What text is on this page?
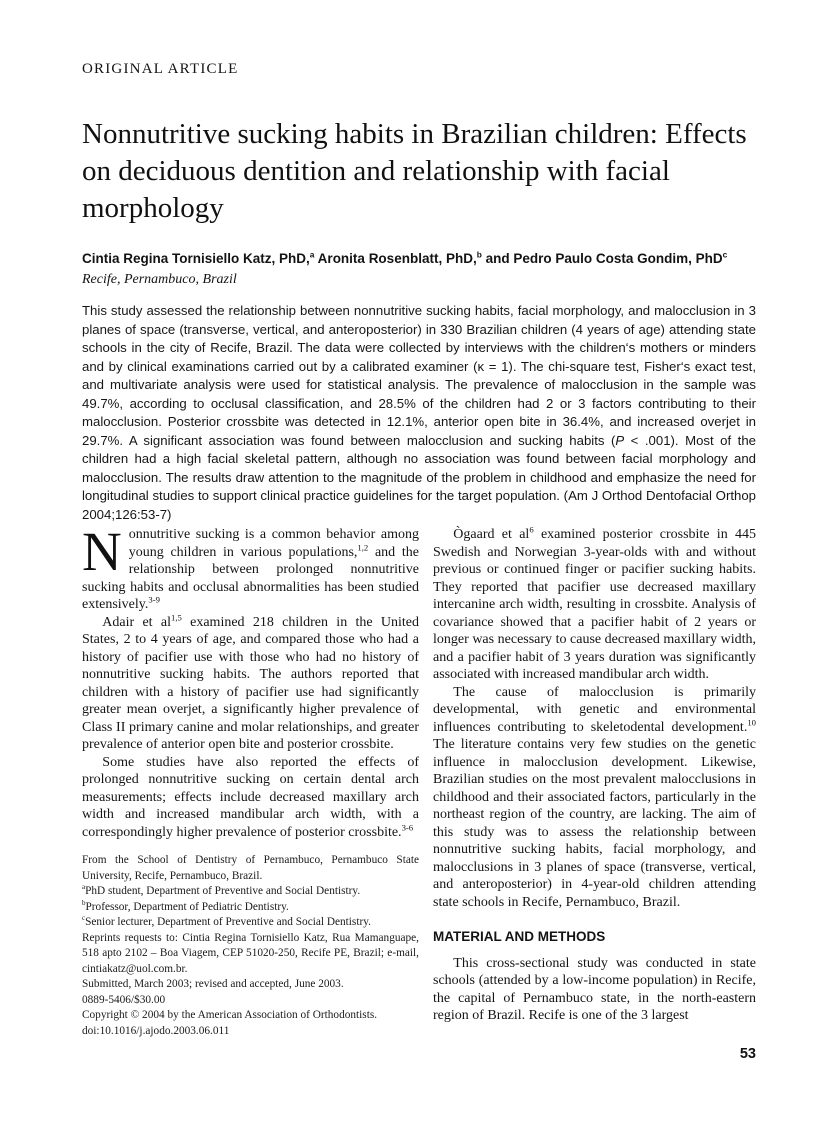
ORIGINAL ARTICLE
Nonnutritive sucking habits in Brazilian children: Effects on deciduous dentition and relationship with facial morphology
Cintia Regina Tornisiello Katz, PhD,$^a$ Aronita Rosenblatt, PhD,$^b$ and Pedro Paulo Costa Gondim, PhD$^c$
Recife, Pernambuco, Brazil
This study assessed the relationship between nonnutritive sucking habits, facial morphology, and malocclusion in 3 planes of space (transverse, vertical, and anteroposterior) in 330 Brazilian children (4 years of age) attending state schools in the city of Recife, Brazil. The data were collected by interviews with the children‘s mothers or minders and by clinical examinations carried out by a calibrated examiner (κ = 1). The chi-square test, Fisher‘s exact test, and multivariate analysis were used for statistical analysis. The prevalence of malocclusion in the sample was 49.7%, according to occlusal classification, and 28.5% of the children had 2 or 3 factors contributing to their malocclusion. Posterior crossbite was detected in 12.1%, anterior open bite in 36.4%, and increased overjet in 29.7%. A significant association was found between malocclusion and sucking habits (P < .001). Most of the children had a high facial skeletal pattern, although no association was found between facial morphology and malocclusion. The results draw attention to the magnitude of the problem in childhood and emphasize the need for longitudinal studies to support clinical practice guidelines for the target population. (Am J Orthod Dentofacial Orthop 2004;126:53-7)

Nonnutritive sucking is a common behavior among young children in various populations,$^{1,2}$ and the relationship between prolonged nonnutritive sucking habits and occlusal abnormalities has been studied extensively.$^{3-9}$

Adair et al$^{1,5}$ examined 218 children in the United States, 2 to 4 years of age, and compared those who had a history of pacifier use with those who had no history of nonnutritive sucking habits. The authors reported that children with a history of pacifier use had significantly greater mean overjet, a significantly higher prevalence of Class II primary canine and molar relationships, and greater prevalence of anterior open bite and posterior crossbite.

Some studies have also reported the effects of prolonged nonnutritive sucking on certain dental arch measurements; effects include decreased maxillary arch width and increased mandibular arch width, with a correspondingly higher prevalence of posterior crossbite.$^{3-6}$

From the School of Dentistry of Pernambuco, Pernambuco State University, Recife, Pernambuco, Brazil.

$^a$PhD student, Department of Preventive and Social Dentistry.

$^b$Professor, Department of Pediatric Dentistry.

$^c$Senior lecturer, Department of Preventive and Social Dentistry.

Reprints requests to: Cintia Regina Tornisiello Katz, Rua Mamanguape, 518 apto 2102 – Boa Viagem, CEP 51020-250, Recife PE, Brazil; e-mail, cintiakatz@uol.com.br.

Submitted, March 2003; revised and accepted, June 2003.

0889-5406/$30.00

Copyright © 2004 by the American Association of Orthodontists.

doi:10.1016/j.ajodo.2003.06.011

Ògaard et $al^6$ examined posterior crossbite in 445 Swedish and Norwegian 3-year-olds with and without previous or continued finger or pacifier sucking habits. They reported that pacifier use decreased maxillary intercanine arch width, resulting in crossbite. Analysis of covariance showed that a pacifier habit of 2 years or longer was necessary to cause decreased maxillary width, and a pacifier habit of 3 years duration was significantly associated with increased mandibular arch width.

The cause of malocclusion is primarily developmental, with genetic and environmental influences contributing to skeletodental development.$^{10}$ The literature contains very few studies on the genetic influence in malocclusion development. Likewise, Brazilian studies on the most prevalent malocclusions in childhood and their associated factors, particularly in the northeast region of the country, are lacking. The aim of this study was to assess the relationship between nonnutritive sucking habits, facial morphology, and malocclusions in 3 planes of space (transverse, vertical, and anteroposterior) in 4-year-old children attending state schools in Recife, Pernambuco, Brazil.

MATERIAL AND METHODS

This cross-sectional study was conducted in state schools (attended by a low-income population) in Recife, the capital of Pernambuco state, in the north-eastern region of Brazil. Recife is one of the 3 largest

53
